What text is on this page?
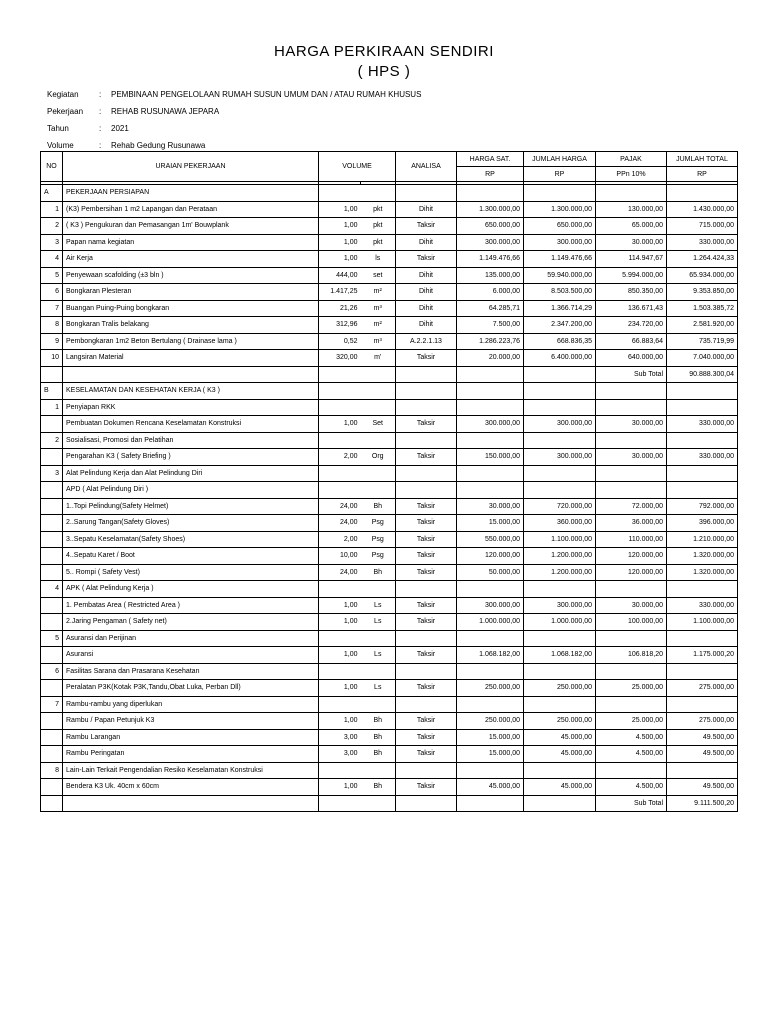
HARGA PERKIRAAN SENDIRI
( HPS )
Kegiatan	:	PEMBINAAN PENGELOLAAN RUMAH SUSUN UMUM DAN / ATAU RUMAH KHUSUS
Pekerjaan	:	REHAB RUSUNAWA JEPARA
Tahun	:	2021
Volume	:	Rehab Gedung Rusunawa
NO	URAIAN PEKERJAAN	VOLUME		ANALISA	HARGA SAT.	JUMLAH HARGA	PAJAK	JUMLAH TOTAL
					RP	RP	PPn 10%	RP

A	PEKERJAAN PERSIAPAN							
1	(K3) Pembersihan 1 m2 Lapangan dan Perataan	1,00	pkt	Dihit	1.300.000,00	1.300.000,00	130.000,00	1.430.000,00
2	( K3 ) Pengukuran dan Pemasangan 1m' Bouwplank	1,00	pkt	Taksir	650.000,00	650.000,00	65.000,00	715.000,00
3	Papan nama kegiatan	1,00	pkt	Dihit	300.000,00	300.000,00	30.000,00	330.000,00
4	Air Kerja	1,00	ls	Taksir	1.149.476,66	1.149.476,66	114.947,67	1.264.424,33
5	Penyewaan scafolding (±3 bln )	444,00	set	Dihit	135.000,00	59.940.000,00	5.994.000,00	65.934.000,00
6	Bongkaran Plesteran	1.417,25	m²	Dihit	6.000,00	8.503.500,00	850.350,00	9.353.850,00
7	Buangan Puing-Puing bongkaran	21,26	m³	Dihit	64.285,71	1.366.714,29	136.671,43	1.503.385,72
8	Bongkaran Tralis belakang	312,96	m²	Dihit	7.500,00	2.347.200,00	234.720,00	2.581.920,00
9	Pembongkaran 1m2 Beton Bertulang ( Drainase lama )	0,52	m³	A.2.2.1.13	1.286.223,76	668.836,35	66.883,64	735.719,99
10	Langsiran Material	320,00	m'	Taksir	20.000,00	6.400.000,00	640.000,00	7.040.000,00
							Sub Total	90.888.300,04
B	KESELAMATAN DAN KESEHATAN KERJA ( K3 )							
1	Penyiapan RKK							
	Pembuatan Dokumen Rencana Keselamatan Konstruksi	1,00	Set	Taksir	300.000,00	300.000,00	30.000,00	330.000,00
2	Sosialisasi, Promosi dan Pelatihan							
	Pengarahan K3 ( Safety Briefing )	2,00	Org	Taksir	150.000,00	300.000,00	30.000,00	330.000,00
3	Alat Pelindung Kerja dan Alat Pelindung Diri							
	APD ( Alat Pelindung Diri )							
	1..Topi Pelindung(Safety Helmet)	24,00	Bh	Taksir	30.000,00	720.000,00	72.000,00	792.000,00
	2..Sarung Tangan(Safety Gloves)	24,00	Psg	Taksir	15.000,00	360.000,00	36.000,00	396.000,00
	3..Sepatu Keselamatan(Safety Shoes)	2,00	Psg	Taksir	550.000,00	1.100.000,00	110.000,00	1.210.000,00
	4..Sepatu Karet / Boot	10,00	Psg	Taksir	120.000,00	1.200.000,00	120.000,00	1.320.000,00
	5.. Rompi ( Safety Vest)	24,00	Bh	Taksir	50.000,00	1.200.000,00	120.000,00	1.320.000,00
4	APK ( Alat Pelindung Kerja )							
	1. Pembatas Area ( Restricted Area )	1,00	Ls	Taksir	300.000,00	300.000,00	30.000,00	330.000,00
	2.Jaring Pengaman ( Safety net)	1,00	Ls	Taksir	1.000.000,00	1.000.000,00	100.000,00	1.100.000,00
5	Asuransi dan Perijinan							
	Asuransi	1,00	Ls	Taksir	1.068.182,00	1.068.182,00	106.818,20	1.175.000,20
6	Fasilitas Sarana dan Prasarana Kesehatan							
	Peralatan P3K(Kotak P3K,Tandu,Obat Luka, Perban Dll)	1,00	Ls	Taksir	250.000,00	250.000,00	25.000,00	275.000,00
7	Rambu-rambu yang diperlukan							
	Rambu / Papan Petunjuk K3	1,00	Bh	Taksir	250.000,00	250.000,00	25.000,00	275.000,00
	Rambu Larangan	3,00	Bh	Taksir	15.000,00	45.000,00	4.500,00	49.500,00
	Rambu Peringatan	3,00	Bh	Taksir	15.000,00	45.000,00	4.500,00	49.500,00
8	Lain-Lain Terkait Pengendalian Resiko Keselamatan Konstruksi							
	Bendera K3 Uk. 40cm x 60cm	1,00	Bh	Taksir	45.000,00	45.000,00	4.500,00	49.500,00
							Sub Total	9.111.500,20
